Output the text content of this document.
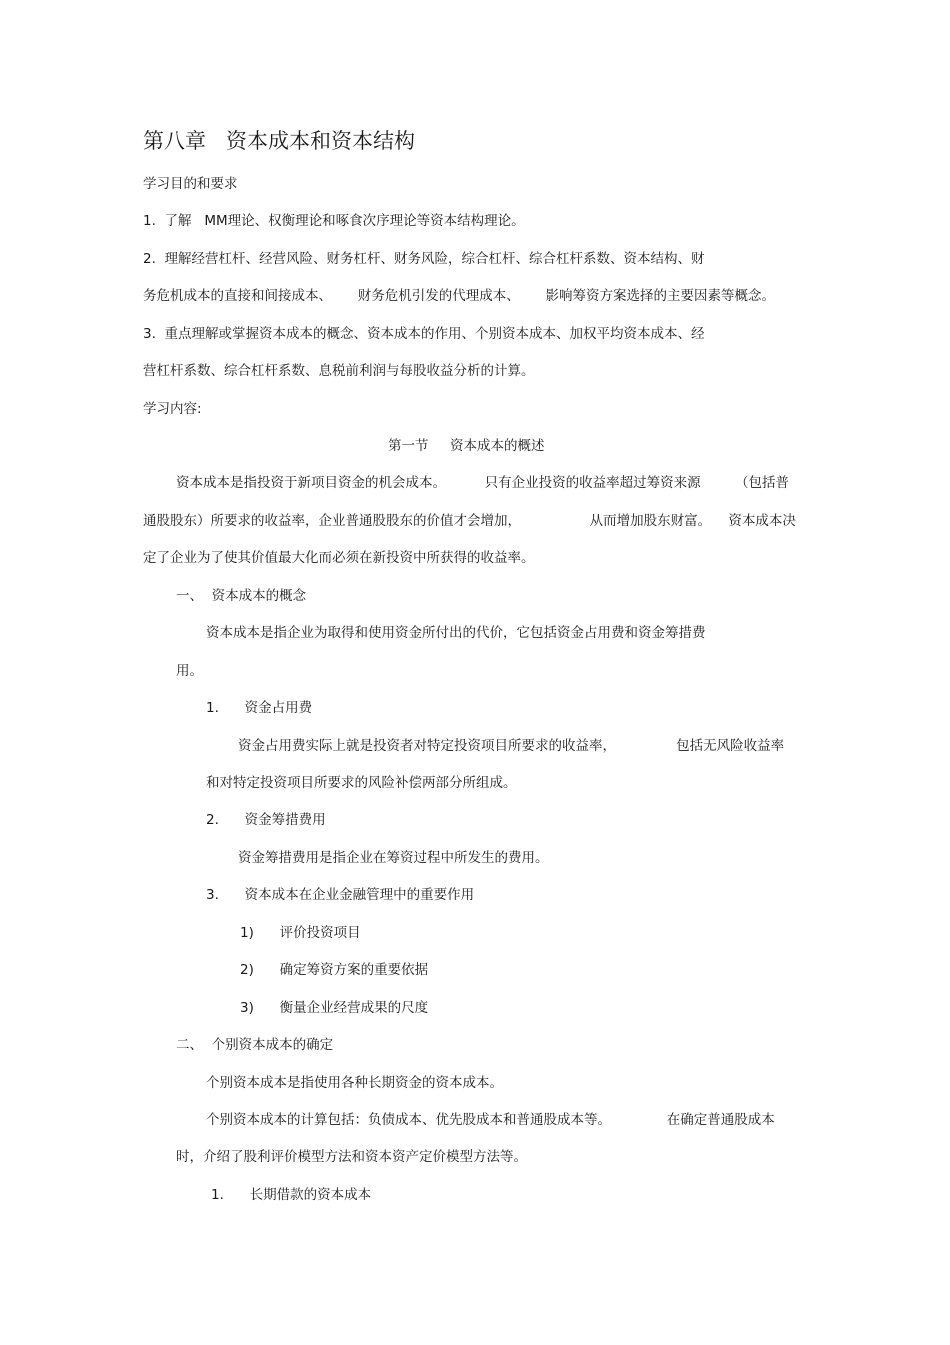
第八章   资本成本和资本结构
学习目的和要求
1.  了解   MM理论、权衡理论和啄食次序理论等资本结构理论。
2.  理解经营杠杆、经营风险、财务杠杆、财务风险，综合杠杆、综合杠杆系数、资本结构、财
务危机成本的直接和间接成本、      财务危机引发的代理成本、      影响筹资方案选择的主要因素等概念。
3.  重点理解或掌握资本成本的概念、资本成本的作用、个别资本成本、加权平均资本成本、经
营杠杆系数、综合杠杆系数、息税前利润与每股收益分析的计算。
学习内容:
第一节     资本成本的概述
资本成本是指投资于新项目资金的机会成本。         只有企业投资的收益率超过筹资来源        （包括普
通股股东）所要求的收益率，企业普通股股东的价值才会增加，                从而增加股东财富。    资本成本决
定了企业为了使其价值最大化而必须在新投资中所获得的收益率。
一、  资本成本的概念
资本成本是指企业为取得和使用资金所付出的代价，它包括资金占用费和资金筹措费
用。
1.      资金占用费
资金占用费实际上就是投资者对特定投资项目所要求的收益率，              包括无风险收益率
和对特定投资项目所要求的风险补偿两部分所组成。
2.      资金筹措费用
资金筹措费用是指企业在筹资过程中所发生的费用。
3.      资本成本在企业金融管理中的重要作用
1)      评价投资项目
2)      确定筹资方案的重要依据
3)      衡量企业经营成果的尺度
二、  个别资本成本的确定
个别资本成本是指使用各种长期资金的资本成本。
个别资本成本的计算包括：负债成本、优先股成本和普通股成本等。             在确定普通股成本
时，介绍了股利评价模型方法和资本资产定价模型方法等。
1.      长期借款的资本成本
